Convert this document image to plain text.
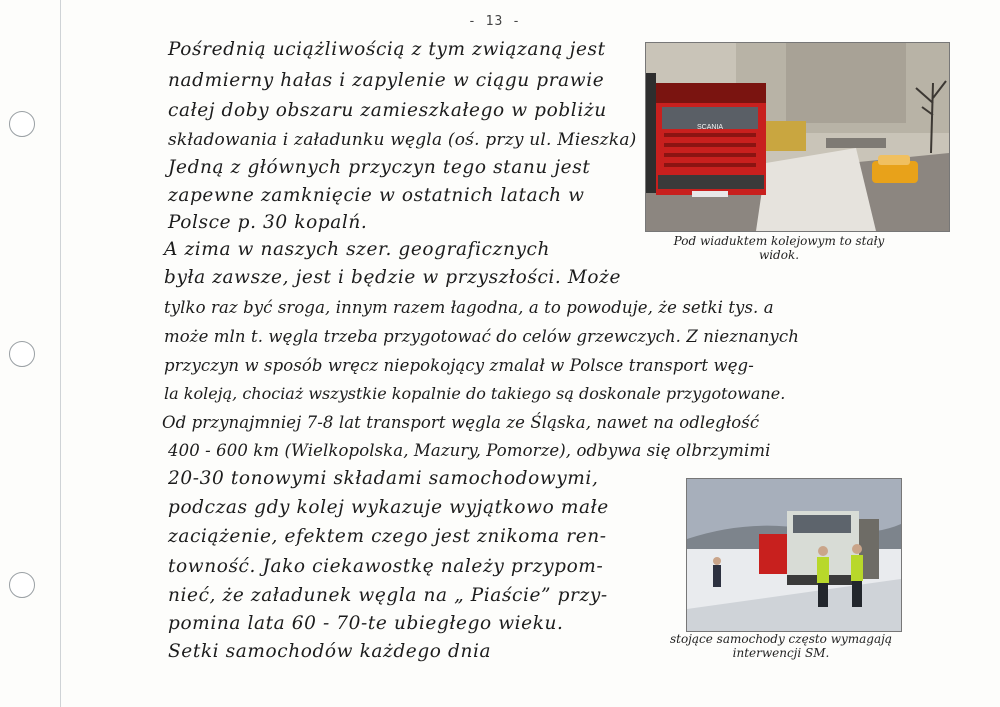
- 13 -
Pośrednią uciążliwością z tym związaną jest
nadmierny hałas i zapylenie w ciągu prawie
całej doby obszaru zamieszkałego w pobliżu
składowania i załadunku węgla (oś. przy ul. Mieszka)
Jedną z głównych przyczyn tego stanu jest
zapewne zamknięcie w ostatnich latach w
Polsce p. 30 kopalń.
A zima w naszych szer. geograficznych
była zawsze, jest i będzie w przyszłości. Może
tylko raz być sroga, innym razem łagodna, a to powoduje, że setki tys. a
może mln t. węgla trzeba przygotować do celów grzewczych. Z nieznanych
przyczyn w sposób wręcz niepokojący zmalał w Polsce transport węg-
la koleją, chociaż wszystkie kopalnie do takiego są doskonale przygotowane.
Od przynajmniej 7-8 lat transport węgla ze Śląska, nawet na odległość
400 - 600 km (Wielkopolska, Mazury, Pomorze), odbywa się olbrzymimi
20-30 tonowymi składami samochodowymi,
podczas gdy kolej wykazuje wyjątkowo małe
zaciążenie, efektem czego jest znikoma ren-
towność. Jako ciekawostkę należy przypom-
nieć, że załadunek węgla na „ Piaście” przy-
pomina lata 60 - 70-te ubiegłego wieku.
Setki samochodów każdego dnia
SCANIA
Pod wiaduktem kolejowym to stały
widok.
stojące samochody często wymagają
interwencji SM.
